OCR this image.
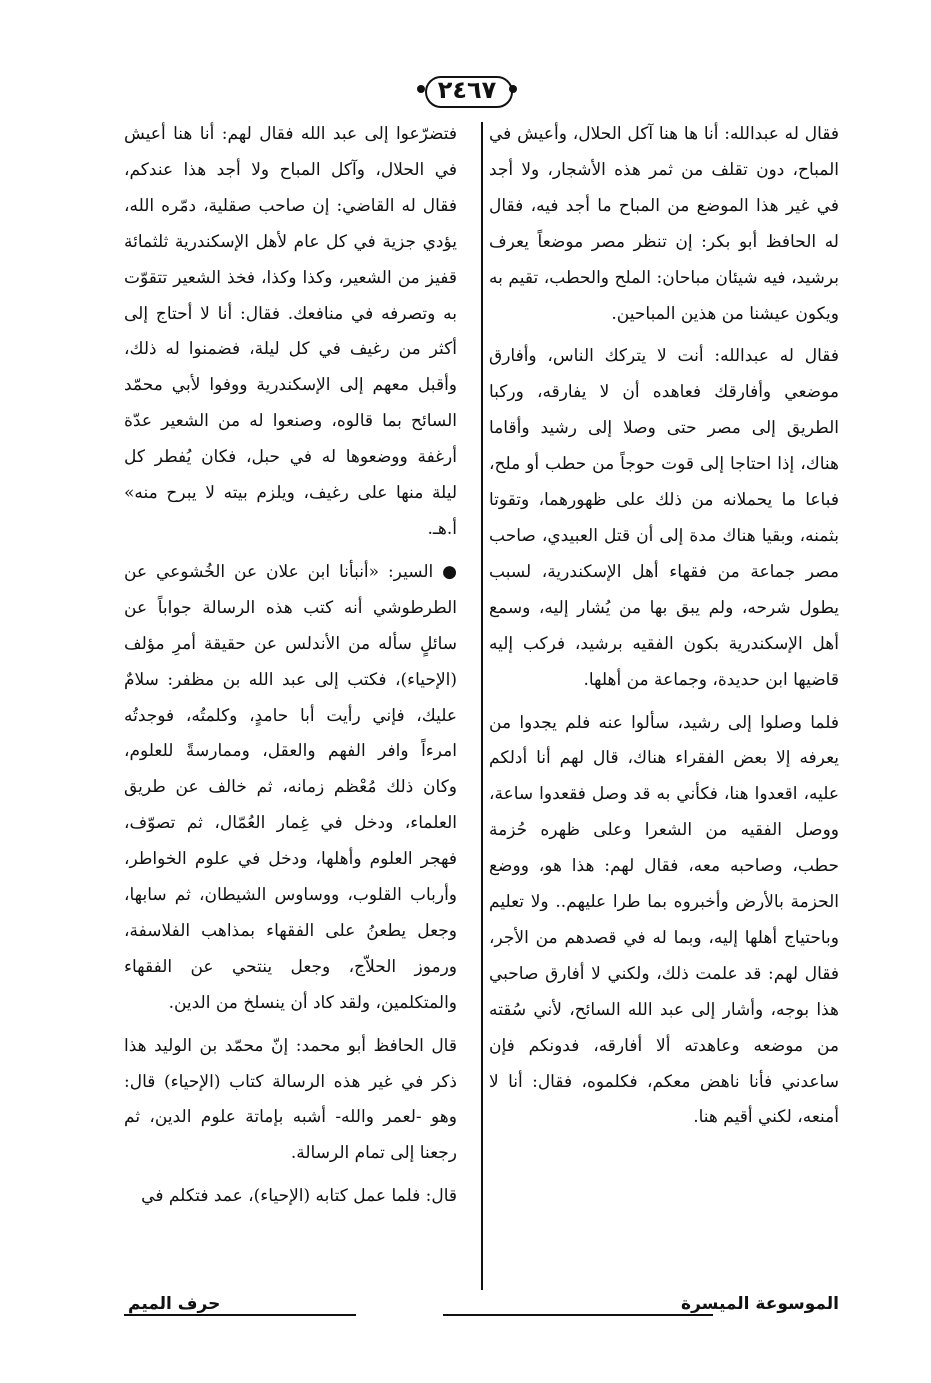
٢٤٦٧

فقال له عبدالله: أنا ها هنا آكل الحلال، وأعيش في المباح، دون تقلف من ثمر هذه الأشجار، ولا أجد في غير هذا الموضع من المباح ما أجد فيه، فقال له الحافظ أبو بكر: إن تنظر مصر موضعاً يعرف برشيد، فيه شيئان مباحان: الملح والحطب، تقيم به ويكون عيشنا من هذين المباحين.

فقال له عبدالله: أنت لا يتركك الناس، وأفارق موضعي وأفارقك فعاهده أن لا يفارقه، وركبا الطريق إلى مصر حتى وصلا إلى رشيد وأقاما هناك، إذا احتاجا إلى قوت حوجاً من حطب أو ملح، فباعا ما يحملانه من ذلك على ظهورهما، وتقوتا بثمنه، وبقيا هناك مدة إلى أن قتل العبيدي، صاحب مصر جماعة من فقهاء أهل الإسكندرية، لسبب يطول شرحه، ولم يبق بها من يُشار إليه، وسمع أهل الإسكندرية بكون الفقيه برشيد، فركب إليه قاضيها ابن حديدة، وجماعة من أهلها.

فلما وصلوا إلى رشيد، سألوا عنه فلم يجدوا من يعرفه إلا بعض الفقراء هناك، قال لهم أنا أدلكم عليه، اقعدوا هنا، فكأني به قد وصل فقعدوا ساعة، ووصل الفقيه من الشعرا وعلى ظهره حُزمة حطب، وصاحبه معه، فقال لهم: هذا هو، ووضع الحزمة بالأرض وأخبروه بما طرا عليهم.. ولا تعليم وباحتياج أهلها إليه، وبما له في قصدهم من الأجر، فقال لهم: قد علمت ذلك، ولكني لا أفارق صاحبي هذا بوجه، وأشار إلى عبد الله السائح، لأني سُقته من موضعه وعاهدته ألا أفارقه، فدونكم فإن ساعدني فأنا ناهض معكم، فكلموه، فقال: أنا لا أمنعه، لكني أقيم هنا.

فتضرّعوا إلى عبد الله فقال لهم: أنا هنا أعيش في الحلال، وآكل المباح ولا أجد هذا عندكم، فقال له القاضي: إن صاحب صقلية، دمّره الله، يؤدي جزية في كل عام لأهل الإسكندرية ثلثمائة قفيز من الشعير، وكذا وكذا، فخذ الشعير تتقوّت به وتصرفه في منافعك. فقال: أنا لا أحتاج إلى أكثر من رغيف في كل ليلة، فضمنوا له ذلك، وأقبل معهم إلى الإسكندرية ووفوا لأبي محمّد السائح بما قالوه، وصنعوا له من الشعير عدّة أرغفة ووضعوها له في حبل، فكان يُفطر كل ليلة منها على رغيف، ويلزم بيته لا يبرح منه» أ.هـ.

● السير: «أنبأنا ابن علان عن الخُشوعي عن الطرطوشي أنه كتب هذه الرسالة جواباً عن سائلٍ سأله من الأندلس عن حقيقة أمرِ مؤلف (الإحياء)، فكتب إلى عبد الله بن مظفر: سلامٌ عليك، فإني رأيت أبا حامدٍ، وكلمتُه، فوجدتُه امرءاً وافر الفهم والعقل، وممارسةً للعلوم، وكان ذلك مُعْظم زمانه، ثم خالف عن طريق العلماء، ودخل في غِمار العُمّال، ثم تصوّف، فهجر العلوم وأهلها، ودخل في علوم الخواطر، وأرباب القلوب، ووساوس الشيطان، ثم سابها، وجعل يطعنُ على الفقهاء بمذاهب الفلاسفة، ورموز الحلاّج، وجعل ينتحي عن الفقهاء والمتكلمين، ولقد كاد أن ينسلخ من الدين.

قال الحافظ أبو محمد: إنّ محمّد بن الوليد هذا ذكر في غير هذه الرسالة كتاب (الإحياء) قال: وهو -لعمر والله- أشبه بإماتة علوم الدين، ثم رجعنا إلى تمام الرسالة.

قال: فلما عمل كتابه (الإحياء)، عمد فتكلم في

الموسوعة الميسرة
حرف الميم
